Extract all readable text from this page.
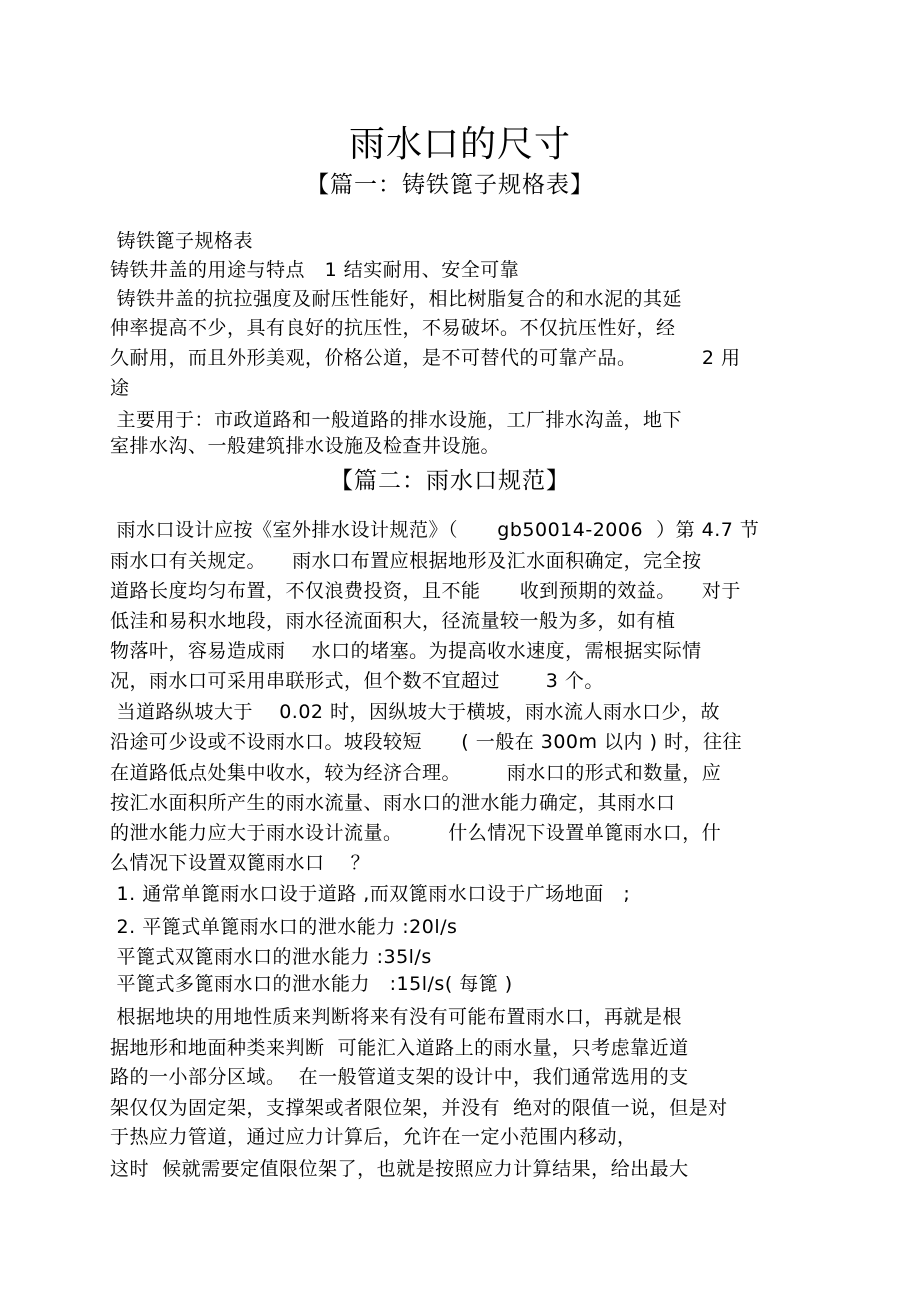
雨水口的尺寸
【篇一：铸铁篦子规格表】
铸铁篦子规格表
铸铁井盖的用途与特点   1 结实耐用、安全可靠
铸铁井盖的抗拉强度及耐压性能好，相比树脂复合的和水泥的其延
伸率提高不少，具有良好的抗压性，不易破坏。不仅抗压性好，经
久耐用，而且外形美观，价格公道，是不可替代的可靠产品。          2 用
途
主要用于：市政道路和一般道路的排水设施，工厂排水沟盖，地下
室排水沟、一般建筑排水设施及检查井设施。
【篇二：雨水口规范】
雨水口设计应按《室外排水设计规范》（      gb50014-2006  ）第 4.7 节
雨水口有关规定。    雨水口布置应根据地形及汇水面积确定，完全按
道路长度均匀布置，不仅浪费投资，且不能      收到预期的效益。    对于
低洼和易积水地段，雨水径流面积大，径流量较一般为多，如有植
物落叶，容易造成雨    水口的堵塞。为提高收水速度，需根据实际情
况，雨水口可采用串联形式，但个数不宜超过       3 个。
当道路纵坡大于    0.02 时，因纵坡大于横坡，雨水流人雨水口少，故
沿途可少设或不设雨水口。坡段较短      ( 一般在 300m 以内 ) 时，往往
在道路低点处集中收水，较为经济合理。       雨水口的形式和数量，应
按汇水面积所产生的雨水流量、雨水口的泄水能力确定，其雨水口
的泄水能力应大于雨水设计流量。       什么情况下设置单篦雨水口，什
么情况下设置双篦雨水口    ？
1. 通常单篦雨水口设于道路 ,而双篦雨水口设于广场地面   ;
2. 平篦式单篦雨水口的泄水能力 :20l/s
平篦式双篦雨水口的泄水能力 :35l/s
平篦式多篦雨水口的泄水能力   :15l/s( 每篦 )
根据地块的用地性质来判断将来有没有可能布置雨水口，再就是根
据地形和地面种类来判断  可能汇入道路上的雨水量，只考虑靠近道
路的一小部分区域。  在一般管道支架的设计中，我们通常选用的支
架仅仅为固定架，支撑架或者限位架，并没有  绝对的限值一说，但是对
于热应力管道，通过应力计算后，允许在一定小范围内移动，
这时  候就需要定值限位架了，也就是按照应力计算结果，给出最大
